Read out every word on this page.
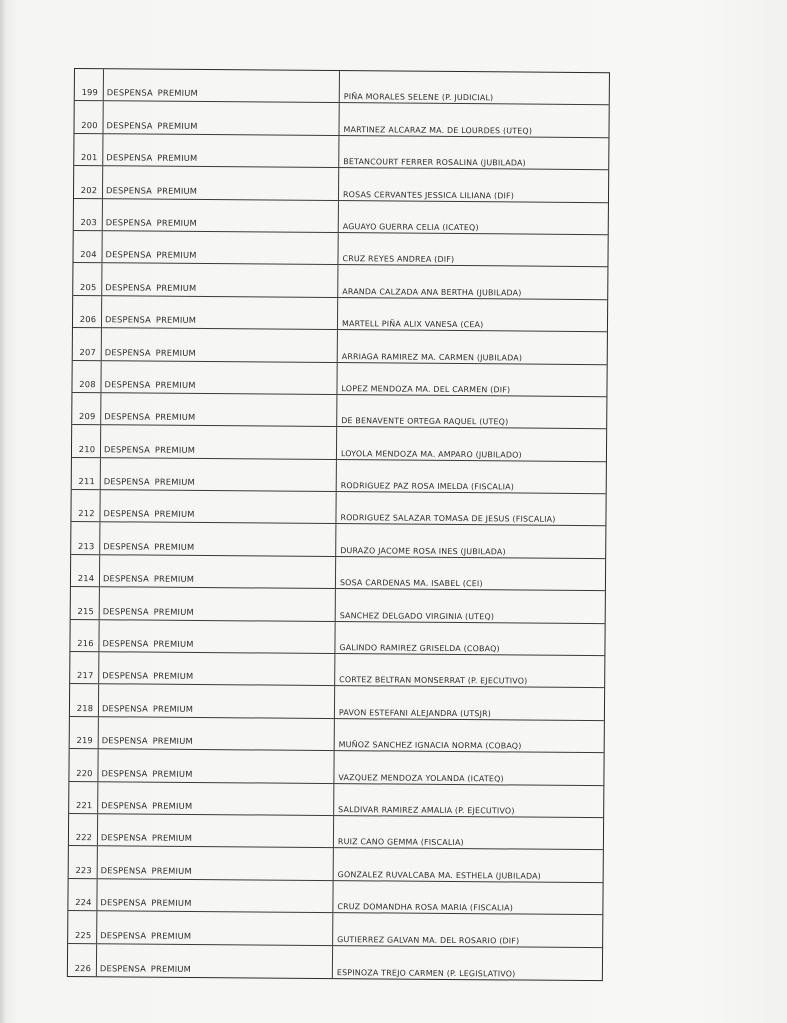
199	DESPENSA PREMIUM	PIÑA MORALES SELENE (P. JUDICIAL)
200	DESPENSA PREMIUM	MARTINEZ ALCARAZ MA. DE LOURDES (UTEQ)
201	DESPENSA PREMIUM	BETANCOURT FERRER ROSALINA (JUBILADA)
202	DESPENSA PREMIUM	ROSAS CERVANTES JESSICA LILIANA (DIF)
203	DESPENSA PREMIUM	AGUAYO GUERRA CELIA (ICATEQ)
204	DESPENSA PREMIUM	CRUZ REYES ANDREA (DIF)
205	DESPENSA PREMIUM	ARANDA CALZADA ANA BERTHA (JUBILADA)
206	DESPENSA PREMIUM	MARTELL PIÑA ALIX VANESA (CEA)
207	DESPENSA PREMIUM	ARRIAGA RAMIREZ MA. CARMEN (JUBILADA)
208	DESPENSA PREMIUM	LOPEZ MENDOZA MA. DEL CARMEN (DIF)
209	DESPENSA PREMIUM	DE BENAVENTE ORTEGA RAQUEL (UTEQ)
210	DESPENSA PREMIUM	LOYOLA MENDOZA MA. AMPARO (JUBILADO)
211	DESPENSA PREMIUM	RODRIGUEZ PAZ ROSA IMELDA (FISCALIA)
212	DESPENSA PREMIUM	RODRIGUEZ SALAZAR TOMASA DE JESUS (FISCALIA)
213	DESPENSA PREMIUM	DURAZO JACOME ROSA INES (JUBILADA)
214	DESPENSA PREMIUM	SOSA CARDENAS MA. ISABEL (CEI)
215	DESPENSA PREMIUM	SANCHEZ DELGADO VIRGINIA (UTEQ)
216	DESPENSA PREMIUM	GALINDO RAMIREZ GRISELDA (COBAQ)
217	DESPENSA PREMIUM	CORTEZ BELTRAN MONSERRAT (P. EJECUTIVO)
218	DESPENSA PREMIUM	PAVON ESTEFANI ALEJANDRA (UTSJR)
219	DESPENSA PREMIUM	MUÑOZ SANCHEZ IGNACIA NORMA (COBAQ)
220	DESPENSA PREMIUM	VAZQUEZ MENDOZA YOLANDA (ICATEQ)
221	DESPENSA PREMIUM	SALDIVAR RAMIREZ AMALIA (P. EJECUTIVO)
222	DESPENSA PREMIUM	RUIZ CANO GEMMA (FISCALIA)
223	DESPENSA PREMIUM	GONZALEZ RUVALCABA MA. ESTHELA (JUBILADA)
224	DESPENSA PREMIUM	CRUZ DOMANDHA ROSA MARIA (FISCALIA)
225	DESPENSA PREMIUM	GUTIERREZ GALVAN MA. DEL ROSARIO (DIF)
226	DESPENSA PREMIUM	ESPINOZA TREJO CARMEN (P. LEGISLATIVO)
